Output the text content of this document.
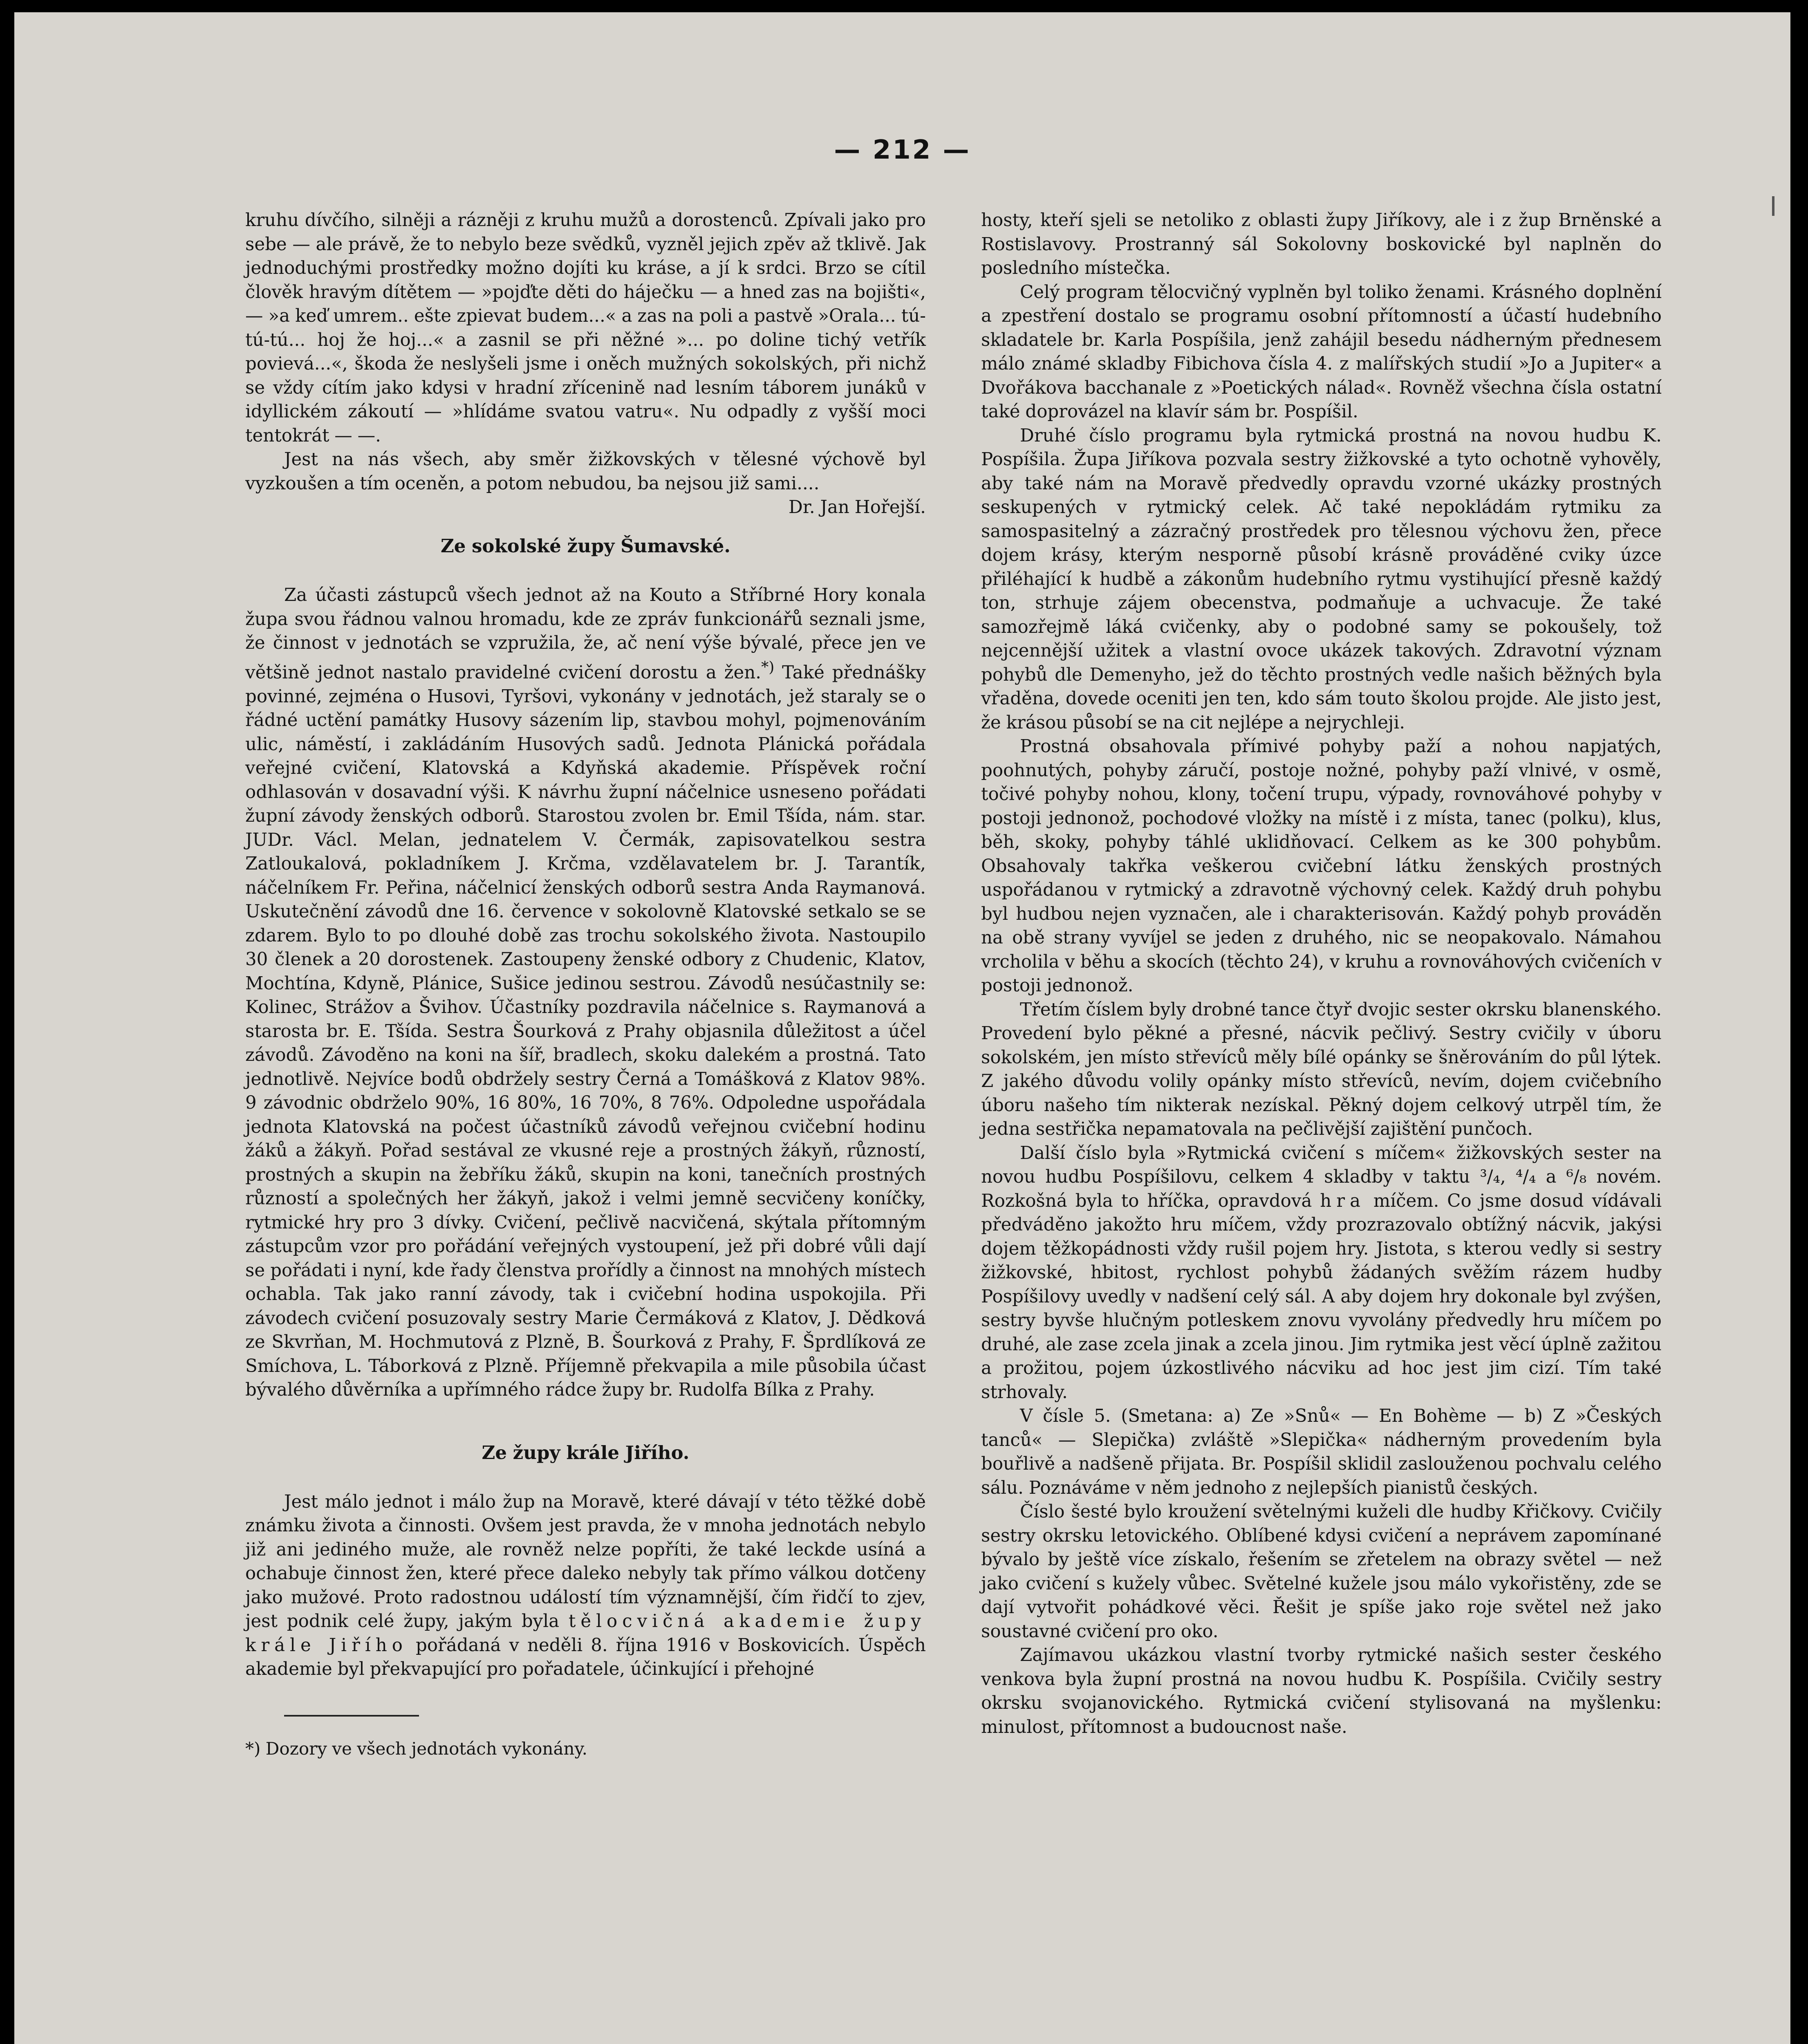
— 212 —

kruhu dívčího, silněji a rázněji z kruhu mužů a dorostenců. Zpívali jako pro sebe — ale právě, že to nebylo beze svědků, vyzněl jejich zpěv až tklivě. Jak jednoduchými prostředky možno dojíti ku kráse, a jí k srdci. Brzo se cítil člověk hravým dítětem — »pojďte děti do háječku — a hned zas na bojišti«, — »a keď umrem.. ešte zpievat budem...« a zas na poli a pastvě »Orala... tú-tú-tú... hoj že hoj...« a zasnil se při něžné »... po doline tichý vetřík povievá...«, škoda že neslyšeli jsme i oněch mužných sokolských, při nichž se vždy cítím jako kdysi v hradní zřícenině nad lesním táborem junáků v idyllickém zákoutí — »hlídáme svatou vatru«. Nu odpadly z vyšší moci tentokrát — —.

Jest na nás všech, aby směr žižkovských v tělesné výchově byl vyzkoušen a tím oceněn, a potom nebudou, ba nejsou již sami....
Dr. Jan Hořejší.

Ze sokolské župy Šumavské.

Za účasti zástupců všech jednot až na Kouto a Stříbrné Hory konala župa svou řádnou valnou hromadu, kde ze zpráv funkcionářů seznali jsme, že činnost v jednotách se vzpružila, že, ač není výše bývalé, přece jen ve většině jednot nastalo pravidelné cvičení dorostu a žen.*) Také přednášky povinné, zejména o Husovi, Tyršovi, vykonány v jednotách, jež staraly se o řádné uctění památky Husovy sázením lip, stavbou mohyl, pojmenováním ulic, náměstí, i zakládáním Husových sadů. Jednota Plánická pořádala veřejné cvičení, Klatovská a Kdyňská akademie. Příspěvek roční odhlasován v dosavadní výši. K návrhu župní náčelnice usneseno pořádati župní závody ženských odborů. Starostou zvolen br. Emil Tšída, nám. star. JUDr. Václ. Melan, jednatelem V. Čermák, zapisovatelkou sestra Zatloukalová, pokladníkem J. Krčma, vzdělavatelem br. J. Tarantík, náčelníkem Fr. Peřina, náčelnicí ženských odborů sestra Anda Raymanová. Uskutečnění závodů dne 16. července v sokolovně Klatovské setkalo se se zdarem. Bylo to po dlouhé době zas trochu sokolského života. Nastoupilo 30 členek a 20 dorostenek. Zastoupeny ženské odbory z Chudenic, Klatov, Mochtína, Kdyně, Plánice, Sušice jedinou sestrou. Závodů nesúčastnily se: Kolinec, Strážov a Švihov. Účastníky pozdravila náčelnice s. Raymanová a starosta br. E. Tšída. Sestra Šourková z Prahy objasnila důležitost a účel závodů. Závoděno na koni na šíř, bradlech, skoku dalekém a prostná. Tato jednotlivě. Nejvíce bodů obdržely sestry Černá a Tomášková z Klatov 98%. 9 závodnic obdrželo 90%, 16 80%, 16 70%, 8 76%. Odpoledne uspořádala jednota Klatovská na počest účastníků závodů veřejnou cvičební hodinu žáků a žákyň. Pořad sestával ze vkusné reje a prostných žákyň, růzností, prostných a skupin na žebříku žáků, skupin na koni, tanečních prostných růzností a společných her žákyň, jakož i velmi jemně secvičeny koníčky, rytmické hry pro 3 dívky. Cvičení, pečlivě nacvičená, skýtala přítomným zástupcům vzor pro pořádání veřejných vystoupení, jež při dobré vůli dají se pořádati i nyní, kde řady členstva prořídly a činnost na mnohých místech ochabla. Tak jako ranní závody, tak i cvičební hodina uspokojila. Při závodech cvičení posuzovaly sestry Marie Čermáková z Klatov, J. Dědková ze Skvrňan, M. Hochmutová z Plzně, B. Šourková z Prahy, F. Šprdlíková ze Smíchova, L. Táborková z Plzně. Příjemně překvapila a mile působila účast bývalého důvěrníka a upřímného rádce župy br. Rudolfa Bílka z Prahy.

Ze župy krále Jiřího.

Jest málo jednot i málo žup na Moravě, které dávají v této těžké době známku života a činnosti. Ovšem jest pravda, že v mnoha jednotách nebylo již ani jediného muže, ale rovněž nelze popříti, že také leckde usíná a ochabuje činnost žen, které přece daleko nebyly tak přímo válkou dotčeny jako mužové. Proto radostnou událostí tím významnější, čím řidčí to zjev, jest podnik celé župy, jakým byla tělocvičná akademie župy krále Jiřího pořádaná v neděli 8. října 1916 v Boskovicích. Úspěch akademie byl překvapující pro pořadatele, účinkující i přehojné

*) Dozory ve všech jednotách vykonány.

hosty, kteří sjeli se netoliko z oblasti župy Jiříkovy, ale i z žup Brněnské a Rostislavovy. Prostranný sál Sokolovny boskovické byl naplněn do posledního místečka.

Celý program tělocvičný vyplněn byl toliko ženami. Krásného doplnění a zpestření dostalo se programu osobní přítomností a účastí hudebního skladatele br. Karla Pospíšila, jenž zahájil besedu nádherným přednesem málo známé skladby Fibichova čísla 4. z malířských studií »Jo a Jupiter« a Dvořákova bacchanale z »Poetických nálad«. Rovněž všechna čísla ostatní také doprovázel na klavír sám br. Pospíšil.

Druhé číslo programu byla rytmická prostná na novou hudbu K. Pospíšila. Župa Jiříkova pozvala sestry žižkovské a tyto ochotně vyhověly, aby také nám na Moravě předvedly opravdu vzorné ukázky prostných seskupených v rytmický celek. Ač také nepokládám rytmiku za samospasitelný a zázračný prostředek pro tělesnou výchovu žen, přece dojem krásy, kterým nesporně působí krásně prováděné cviky úzce přiléhající k hudbě a zákonům hudebního rytmu vystihující přesně každý ton, strhuje zájem obecenstva, podmaňuje a uchvacuje. Že také samozřejmě láká cvičenky, aby o podobné samy se pokoušely, tož nejcennější užitek a vlastní ovoce ukázek takových. Zdravotní význam pohybů dle Demenyho, jež do těchto prostných vedle našich běžných byla vřaděna, dovede oceniti jen ten, kdo sám touto školou projde. Ale jisto jest, že krásou působí se na cit nejlépe a nejrychleji.

Prostná obsahovala přímivé pohyby paží a nohou napjatých, poohnutých, pohyby záručí, postoje nožné, pohyby paží vlnivé, v osmě, točivé pohyby nohou, klony, točení trupu, výpady, rovnováhové pohyby v postoji jednonož, pochodové vložky na místě i z místa, tanec (polku), klus, běh, skoky, pohyby táhlé uklidňovací. Celkem as ke 300 pohybům. Obsahovaly takřka veškerou cvičební látku ženských prostných uspořádanou v rytmický a zdravotně výchovný celek. Každý druh pohybu byl hudbou nejen vyznačen, ale i charakterisován. Každý pohyb prováděn na obě strany vyvíjel se jeden z druhého, nic se neopakovalo. Námahou vrcholila v běhu a skocích (těchto 24), v kruhu a rovnováhových cvičeních v postoji jednonož.

Třetím číslem byly drobné tance čtyř dvojic sester okrsku blanenského. Provedení bylo pěkné a přesné, nácvik pečlivý. Sestry cvičily v úboru sokolském, jen místo střevíců měly bílé opánky se šněrováním do půl lýtek. Z jakého důvodu volily opánky místo střevíců, nevím, dojem cvičebního úboru našeho tím nikterak nezískal. Pěkný dojem celkový utrpěl tím, že jedna sestřička nepamatovala na pečlivější zajištění punčoch.

Další číslo byla »Rytmická cvičení s míčem« žižkovských sester na novou hudbu Pospíšilovu, celkem 4 skladby v taktu ³/₄, ⁴/₄ a ⁶/₈ novém. Rozkošná byla to hříčka, opravdová hra míčem. Co jsme dosud vídávali předváděno jakožto hru míčem, vždy prozrazovalo obtížný nácvik, jakýsi dojem těžkopádnosti vždy rušil pojem hry. Jistota, s kterou vedly si sestry žižkovské, hbitost, rychlost pohybů žádaných svěžím rázem hudby Pospíšilovy uvedly v nadšení celý sál. A aby dojem hry dokonale byl zvýšen, sestry byvše hlučným potleskem znovu vyvolány předvedly hru míčem po druhé, ale zase zcela jinak a zcela jinou. Jim rytmika jest věcí úplně zažitou a prožitou, pojem úzkostlivého nácviku ad hoc jest jim cizí. Tím také strhovaly.

V čísle 5. (Smetana: a) Ze »Snů« — En Bohème — b) Z »Českých tanců« — Slepička) zvláště »Slepička« nádherným provedením byla bouřlivě a nadšeně přijata. Br. Pospíšil sklidil zaslouženou pochvalu celého sálu. Poznáváme v něm jednoho z nejlepších pianistů českých.

Číslo šesté bylo kroužení světelnými kuželi dle hudby Křičkovy. Cvičily sestry okrsku letovického. Oblíbené kdysi cvičení a neprávem zapomínané bývalo by ještě více získalo, řešením se zřetelem na obrazy světel — než jako cvičení s kužely vůbec. Světelné kužele jsou málo vykořistěny, zde se dají vytvořit pohádkové věci. Řešit je spíše jako roje světel než jako soustavné cvičení pro oko.

Zajímavou ukázkou vlastní tvorby rytmické našich sester českého venkova byla župní prostná na novou hudbu K. Pospíšila. Cvičily sestry okrsku svojanovického. Rytmická cvičení stylisovaná na myšlenku: minulost, přítomnost a budoucnost naše.
